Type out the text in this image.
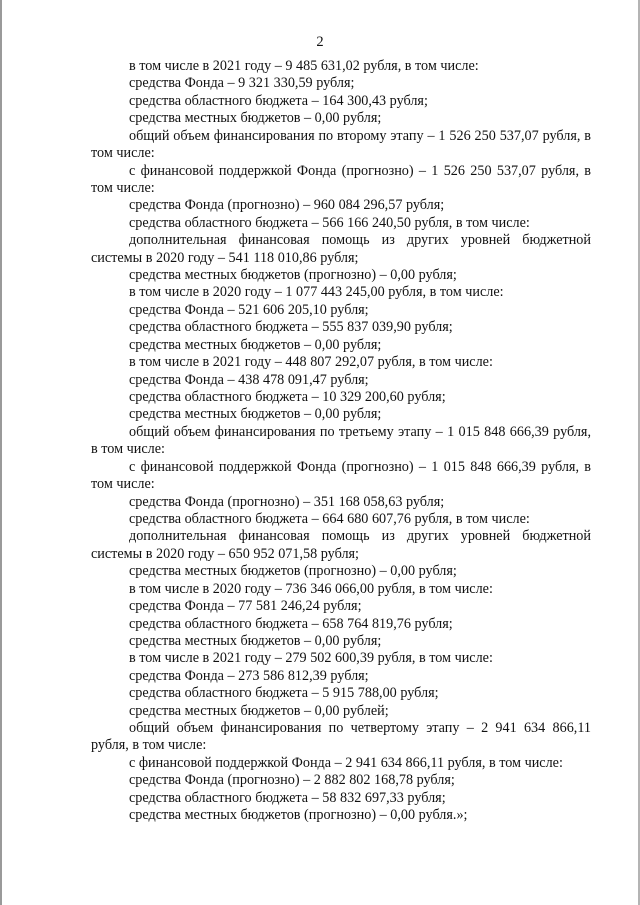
2

в том числе в 2021 году – 9 485 631,02 рубля, в том числе:

средства Фонда – 9 321 330,59 рубля;

средства областного бюджета – 164 300,43 рубля;

средства местных бюджетов – 0,00 рубля;

общий объем финансирования по второму этапу – 1 526 250 537,07 рубля, в том числе:

с финансовой поддержкой Фонда (прогнозно) – 1 526 250 537,07 рубля, в том числе:

средства Фонда (прогнозно) – 960 084 296,57 рубля;

средства областного бюджета – 566 166 240,50 рубля, в том числе:

дополнительная финансовая помощь из других уровней бюджетной системы в 2020 году – 541 118 010,86 рубля;

средства местных бюджетов (прогнозно) – 0,00 рубля;

в том числе в 2020 году – 1 077 443 245,00 рубля, в том числе:

средства Фонда – 521 606 205,10 рубля;

средства областного бюджета – 555 837 039,90 рубля;

средства местных бюджетов – 0,00 рубля;

в том числе в 2021 году – 448 807 292,07 рубля, в том числе:

средства Фонда – 438 478 091,47 рубля;

средства областного бюджета – 10 329 200,60 рубля;

средства местных бюджетов – 0,00 рубля;

общий объем финансирования по третьему этапу – 1 015 848 666,39 рубля, в том числе:

с финансовой поддержкой Фонда (прогнозно) – 1 015 848 666,39 рубля, в том числе:

средства Фонда (прогнозно) – 351 168 058,63 рубля;

средства областного бюджета – 664 680 607,76 рубля, в том числе:

дополнительная финансовая помощь из других уровней бюджетной системы в 2020 году – 650 952 071,58 рубля;

средства местных бюджетов (прогнозно) – 0,00 рубля;

в том числе в 2020 году – 736 346 066,00 рубля, в том числе:

средства Фонда – 77 581 246,24 рубля;

средства областного бюджета – 658 764 819,76 рубля;

средства местных бюджетов – 0,00 рубля;

в том числе в 2021 году – 279 502 600,39 рубля, в том числе:

средства Фонда – 273 586 812,39 рубля;

средства областного бюджета – 5 915 788,00 рубля;

средства местных бюджетов – 0,00 рублей;

общий объем финансирования по четвертому этапу – 2 941 634 866,11 рубля, в том числе:

с финансовой поддержкой Фонда – 2 941 634 866,11 рубля, в том числе:

средства Фонда (прогнозно) – 2 882 802 168,78 рубля;

средства областного бюджета – 58 832 697,33 рубля;

средства местных бюджетов (прогнозно) – 0,00 рубля.»;
